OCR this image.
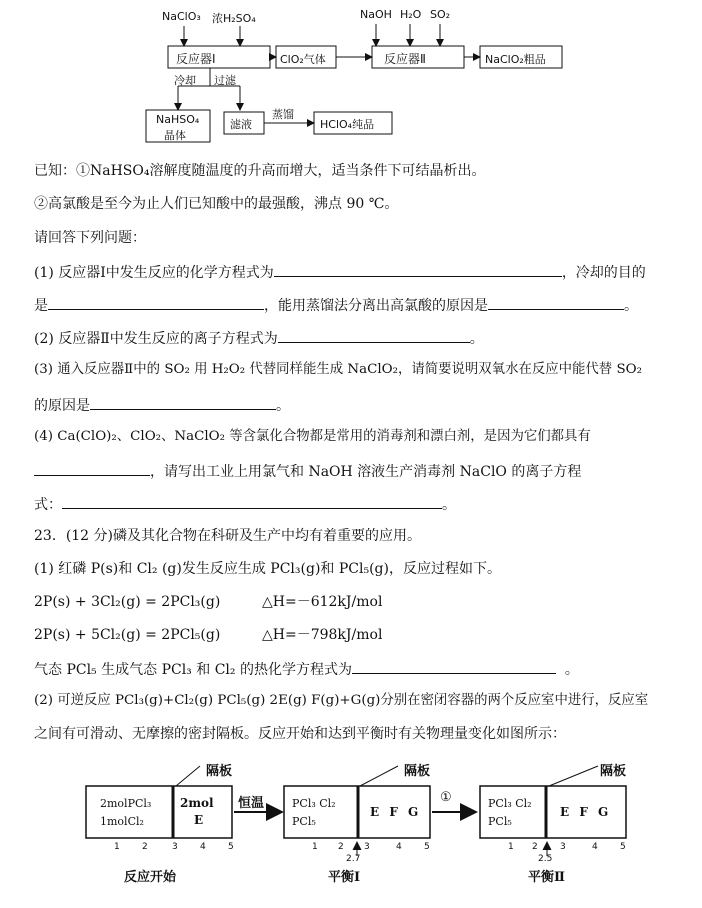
NaClO₃ 浓H₂SO₄	NaOH H₂O SO₂
反应器Ⅰ	ClO₂气体	反应器Ⅱ	NaClO₂粗品
冷却 过滤
NaHSO₄
晶体
滤液
蒸馏
HClO₄纯品
已知：①NaHSO₄溶解度随温度的升高而增大，适当条件下可结晶析出。
②高氯酸是至今为止人们已知酸中的最强酸，沸点 90 ℃。
请回答下列问题：
(1) 反应器Ⅰ中发生反应的化学方程式为	，冷却的目的
是	，能用蒸馏法分离出高氯酸的原因是	。
(2) 反应器Ⅱ中发生反应的离子方程式为	。
(3) 通入反应器Ⅱ中的 SO₂ 用 H₂O₂ 代替同样能生成 NaClO₂，请简要说明双氧水在反应中能代替 SO₂
的原因是	。
(4) Ca(ClO)₂、ClO₂、NaClO₂ 等含氯化合物都是常用的消毒剂和漂白剂，是因为它们都具有
，请写出工业上用氯气和 NaOH 溶液生产消毒剂 NaClO 的离子方程
式：	。
23．(12 分)磷及其化合物在科研及生产中均有着重要的应用。
(1) 红磷 P(s)和 Cl₂ (g)发生反应生成 PCl₃(g)和 PCl₅(g)，反应过程如下。
2P(s) + 3Cl₂(g) = 2PCl₃(g)	△H=－612kJ/mol
2P(s) + 5Cl₂(g) = 2PCl₅(g)	△H=－798kJ/mol
气态 PCl₅ 生成气态 PCl₃ 和 Cl₂ 的热化学方程式为	。
(2) 可逆反应 PCl₃(g)+Cl₂(g) PCl₅(g) 2E(g) F(g)+G(g)分别在密闭容器的两个反应室中进行，反应室
之间有可滑动、无摩擦的密封隔板。反应开始和达到平衡时有关物理量变化如图所示：
隔板	隔板	隔板
恒温	①
2molPCl₃
1molCl₂
2mol
E
PCl₃ Cl₂
PCl₅
E F G
PCl₃ Cl₂
PCl₅
E F G
1 2	3 4 5	1 2 3	4 5
2.7
1 2 3	4 5
2.5
反应开始	平衡Ⅰ	平衡Ⅱ
